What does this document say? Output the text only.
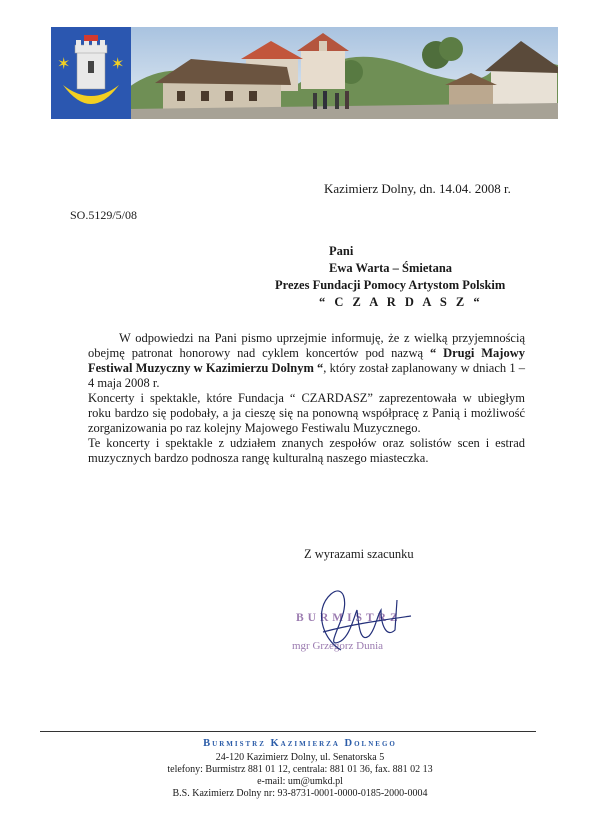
✶	✶
Kazimierz Dolny, dn. 14.04. 2008 r.
SO.5129/5/08
Pani
Ewa Warta – Śmietana
Prezes Fundacji Pomocy Artystom Polskim
“ C Z A R D A S Z “

W odpowiedzi na Pani pismo uprzejmie informuję, że z wielką przyjemnością obejmę patronat honorowy nad cyklem koncertów pod nazwą “ Drugi Majowy Festiwal Muzyczny w Kazimierzu Dolnym “, który został zaplanowany w dniach 1 – 4 maja 2008 r.

Koncerty i spektakle, które Fundacja “ CZARDASZ” zaprezentowała w ubiegłym roku bardzo się podobały, a ja cieszę się na ponowną współpracę z Panią i możliwość zorganizowania po raz kolejny Majowego Festiwalu Muzycznego.

Te koncerty i spektakle z udziałem znanych zespołów oraz solistów scen i estrad muzycznych bardzo podnosza rangę kulturalną naszego miasteczka.

Z wyrazami szacunku
BURMISTRZ
mgr Grzegorz Dunia
Burmistrz Kazimierza Dolnego
24-120 Kazimierz Dolny, ul. Senatorska 5
telefony: Burmistrz 881 01 12, centrala: 881 01 36, fax. 881 02 13
e-mail: um@umkd.pl
B.S. Kazimierz Dolny nr: 93-8731-0001-0000-0185-2000-0004
